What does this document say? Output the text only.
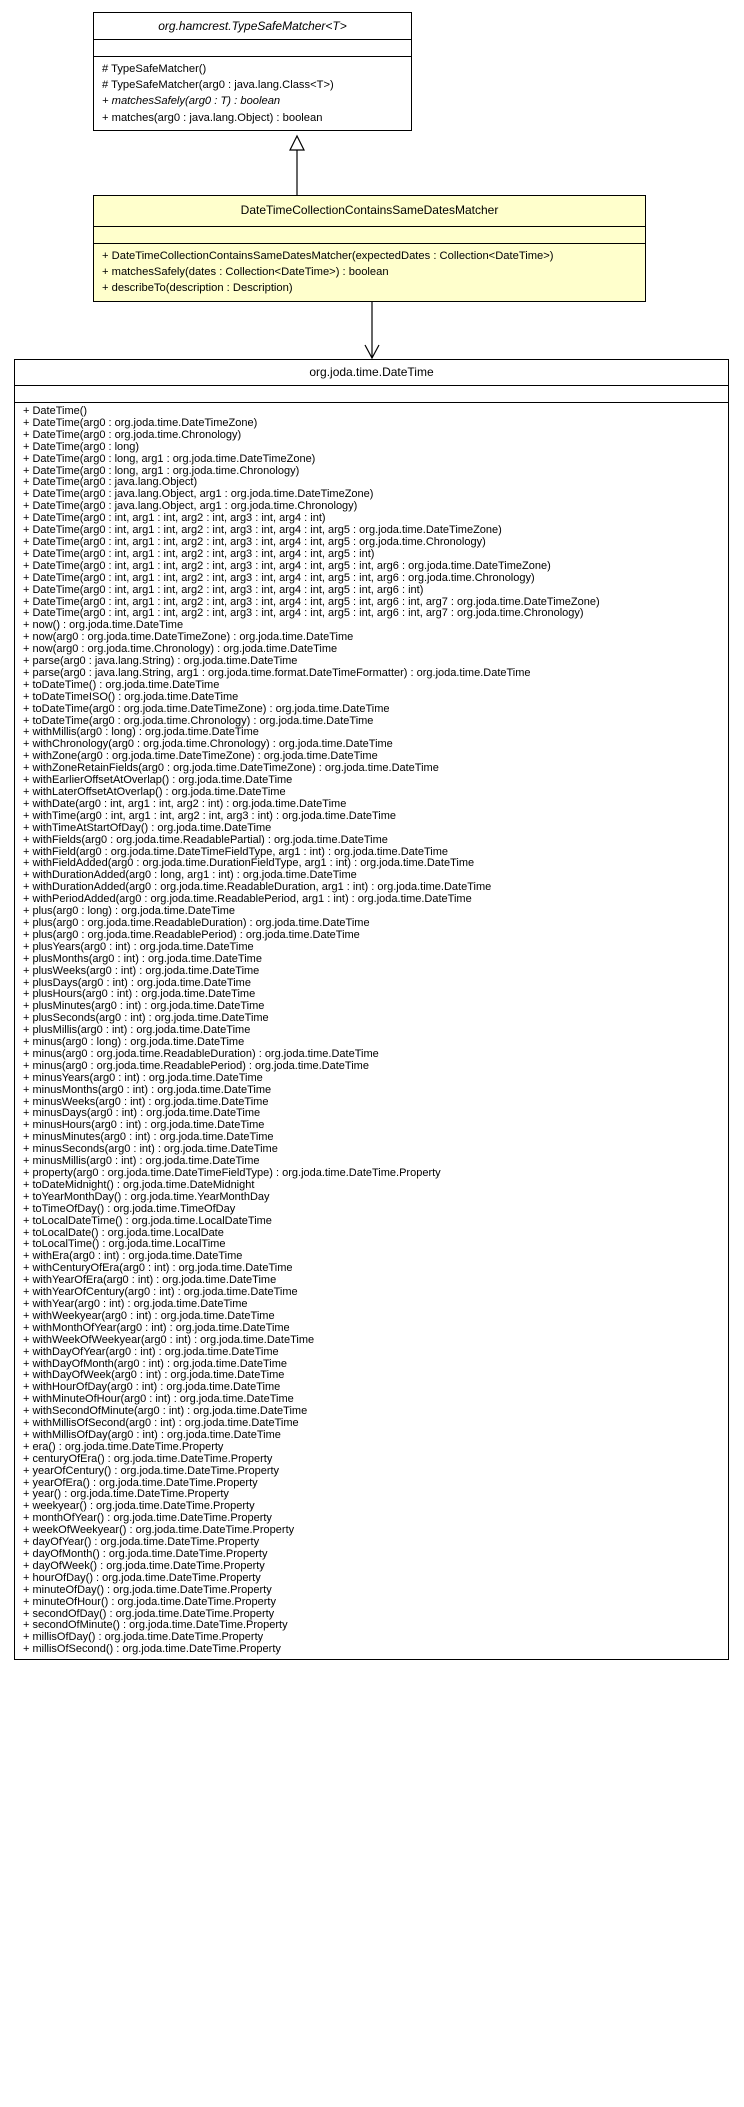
org.hamcrest.TypeSafeMatcher<T>
# TypeSafeMatcher()
# TypeSafeMatcher(arg0 : java.lang.Class<T>)
+ matchesSafely(arg0 : T) : boolean
+ matches(arg0 : java.lang.Object) : boolean
DateTimeCollectionContainsSameDatesMatcher
+ DateTimeCollectionContainsSameDatesMatcher(expectedDates : Collection<DateTime>)
+ matchesSafely(dates : Collection<DateTime>) : boolean
+ describeTo(description : Description)
org.joda.time.DateTime
+ DateTime()
+ DateTime(arg0 : org.joda.time.DateTimeZone)
+ DateTime(arg0 : org.joda.time.Chronology)
+ DateTime(arg0 : long)
+ DateTime(arg0 : long, arg1 : org.joda.time.DateTimeZone)
+ DateTime(arg0 : long, arg1 : org.joda.time.Chronology)
+ DateTime(arg0 : java.lang.Object)
+ DateTime(arg0 : java.lang.Object, arg1 : org.joda.time.DateTimeZone)
+ DateTime(arg0 : java.lang.Object, arg1 : org.joda.time.Chronology)
+ DateTime(arg0 : int, arg1 : int, arg2 : int, arg3 : int, arg4 : int)
+ DateTime(arg0 : int, arg1 : int, arg2 : int, arg3 : int, arg4 : int, arg5 : org.joda.time.DateTimeZone)
+ DateTime(arg0 : int, arg1 : int, arg2 : int, arg3 : int, arg4 : int, arg5 : org.joda.time.Chronology)
+ DateTime(arg0 : int, arg1 : int, arg2 : int, arg3 : int, arg4 : int, arg5 : int)
+ DateTime(arg0 : int, arg1 : int, arg2 : int, arg3 : int, arg4 : int, arg5 : int, arg6 : org.joda.time.DateTimeZone)
+ DateTime(arg0 : int, arg1 : int, arg2 : int, arg3 : int, arg4 : int, arg5 : int, arg6 : org.joda.time.Chronology)
+ DateTime(arg0 : int, arg1 : int, arg2 : int, arg3 : int, arg4 : int, arg5 : int, arg6 : int)
+ DateTime(arg0 : int, arg1 : int, arg2 : int, arg3 : int, arg4 : int, arg5 : int, arg6 : int, arg7 : org.joda.time.DateTimeZone)
+ DateTime(arg0 : int, arg1 : int, arg2 : int, arg3 : int, arg4 : int, arg5 : int, arg6 : int, arg7 : org.joda.time.Chronology)
+ now() : org.joda.time.DateTime
+ now(arg0 : org.joda.time.DateTimeZone) : org.joda.time.DateTime
+ now(arg0 : org.joda.time.Chronology) : org.joda.time.DateTime
+ parse(arg0 : java.lang.String) : org.joda.time.DateTime
+ parse(arg0 : java.lang.String, arg1 : org.joda.time.format.DateTimeFormatter) : org.joda.time.DateTime
+ toDateTime() : org.joda.time.DateTime
+ toDateTimeISO() : org.joda.time.DateTime
+ toDateTime(arg0 : org.joda.time.DateTimeZone) : org.joda.time.DateTime
+ toDateTime(arg0 : org.joda.time.Chronology) : org.joda.time.DateTime
+ withMillis(arg0 : long) : org.joda.time.DateTime
+ withChronology(arg0 : org.joda.time.Chronology) : org.joda.time.DateTime
+ withZone(arg0 : org.joda.time.DateTimeZone) : org.joda.time.DateTime
+ withZoneRetainFields(arg0 : org.joda.time.DateTimeZone) : org.joda.time.DateTime
+ withEarlierOffsetAtOverlap() : org.joda.time.DateTime
+ withLaterOffsetAtOverlap() : org.joda.time.DateTime
+ withDate(arg0 : int, arg1 : int, arg2 : int) : org.joda.time.DateTime
+ withTime(arg0 : int, arg1 : int, arg2 : int, arg3 : int) : org.joda.time.DateTime
+ withTimeAtStartOfDay() : org.joda.time.DateTime
+ withFields(arg0 : org.joda.time.ReadablePartial) : org.joda.time.DateTime
+ withField(arg0 : org.joda.time.DateTimeFieldType, arg1 : int) : org.joda.time.DateTime
+ withFieldAdded(arg0 : org.joda.time.DurationFieldType, arg1 : int) : org.joda.time.DateTime
+ withDurationAdded(arg0 : long, arg1 : int) : org.joda.time.DateTime
+ withDurationAdded(arg0 : org.joda.time.ReadableDuration, arg1 : int) : org.joda.time.DateTime
+ withPeriodAdded(arg0 : org.joda.time.ReadablePeriod, arg1 : int) : org.joda.time.DateTime
+ plus(arg0 : long) : org.joda.time.DateTime
+ plus(arg0 : org.joda.time.ReadableDuration) : org.joda.time.DateTime
+ plus(arg0 : org.joda.time.ReadablePeriod) : org.joda.time.DateTime
+ plusYears(arg0 : int) : org.joda.time.DateTime
+ plusMonths(arg0 : int) : org.joda.time.DateTime
+ plusWeeks(arg0 : int) : org.joda.time.DateTime
+ plusDays(arg0 : int) : org.joda.time.DateTime
+ plusHours(arg0 : int) : org.joda.time.DateTime
+ plusMinutes(arg0 : int) : org.joda.time.DateTime
+ plusSeconds(arg0 : int) : org.joda.time.DateTime
+ plusMillis(arg0 : int) : org.joda.time.DateTime
+ minus(arg0 : long) : org.joda.time.DateTime
+ minus(arg0 : org.joda.time.ReadableDuration) : org.joda.time.DateTime
+ minus(arg0 : org.joda.time.ReadablePeriod) : org.joda.time.DateTime
+ minusYears(arg0 : int) : org.joda.time.DateTime
+ minusMonths(arg0 : int) : org.joda.time.DateTime
+ minusWeeks(arg0 : int) : org.joda.time.DateTime
+ minusDays(arg0 : int) : org.joda.time.DateTime
+ minusHours(arg0 : int) : org.joda.time.DateTime
+ minusMinutes(arg0 : int) : org.joda.time.DateTime
+ minusSeconds(arg0 : int) : org.joda.time.DateTime
+ minusMillis(arg0 : int) : org.joda.time.DateTime
+ property(arg0 : org.joda.time.DateTimeFieldType) : org.joda.time.DateTime.Property
+ toDateMidnight() : org.joda.time.DateMidnight
+ toYearMonthDay() : org.joda.time.YearMonthDay
+ toTimeOfDay() : org.joda.time.TimeOfDay
+ toLocalDateTime() : org.joda.time.LocalDateTime
+ toLocalDate() : org.joda.time.LocalDate
+ toLocalTime() : org.joda.time.LocalTime
+ withEra(arg0 : int) : org.joda.time.DateTime
+ withCenturyOfEra(arg0 : int) : org.joda.time.DateTime
+ withYearOfEra(arg0 : int) : org.joda.time.DateTime
+ withYearOfCentury(arg0 : int) : org.joda.time.DateTime
+ withYear(arg0 : int) : org.joda.time.DateTime
+ withWeekyear(arg0 : int) : org.joda.time.DateTime
+ withMonthOfYear(arg0 : int) : org.joda.time.DateTime
+ withWeekOfWeekyear(arg0 : int) : org.joda.time.DateTime
+ withDayOfYear(arg0 : int) : org.joda.time.DateTime
+ withDayOfMonth(arg0 : int) : org.joda.time.DateTime
+ withDayOfWeek(arg0 : int) : org.joda.time.DateTime
+ withHourOfDay(arg0 : int) : org.joda.time.DateTime
+ withMinuteOfHour(arg0 : int) : org.joda.time.DateTime
+ withSecondOfMinute(arg0 : int) : org.joda.time.DateTime
+ withMillisOfSecond(arg0 : int) : org.joda.time.DateTime
+ withMillisOfDay(arg0 : int) : org.joda.time.DateTime
+ era() : org.joda.time.DateTime.Property
+ centuryOfEra() : org.joda.time.DateTime.Property
+ yearOfCentury() : org.joda.time.DateTime.Property
+ yearOfEra() : org.joda.time.DateTime.Property
+ year() : org.joda.time.DateTime.Property
+ weekyear() : org.joda.time.DateTime.Property
+ monthOfYear() : org.joda.time.DateTime.Property
+ weekOfWeekyear() : org.joda.time.DateTime.Property
+ dayOfYear() : org.joda.time.DateTime.Property
+ dayOfMonth() : org.joda.time.DateTime.Property
+ dayOfWeek() : org.joda.time.DateTime.Property
+ hourOfDay() : org.joda.time.DateTime.Property
+ minuteOfDay() : org.joda.time.DateTime.Property
+ minuteOfHour() : org.joda.time.DateTime.Property
+ secondOfDay() : org.joda.time.DateTime.Property
+ secondOfMinute() : org.joda.time.DateTime.Property
+ millisOfDay() : org.joda.time.DateTime.Property
+ millisOfSecond() : org.joda.time.DateTime.Property
